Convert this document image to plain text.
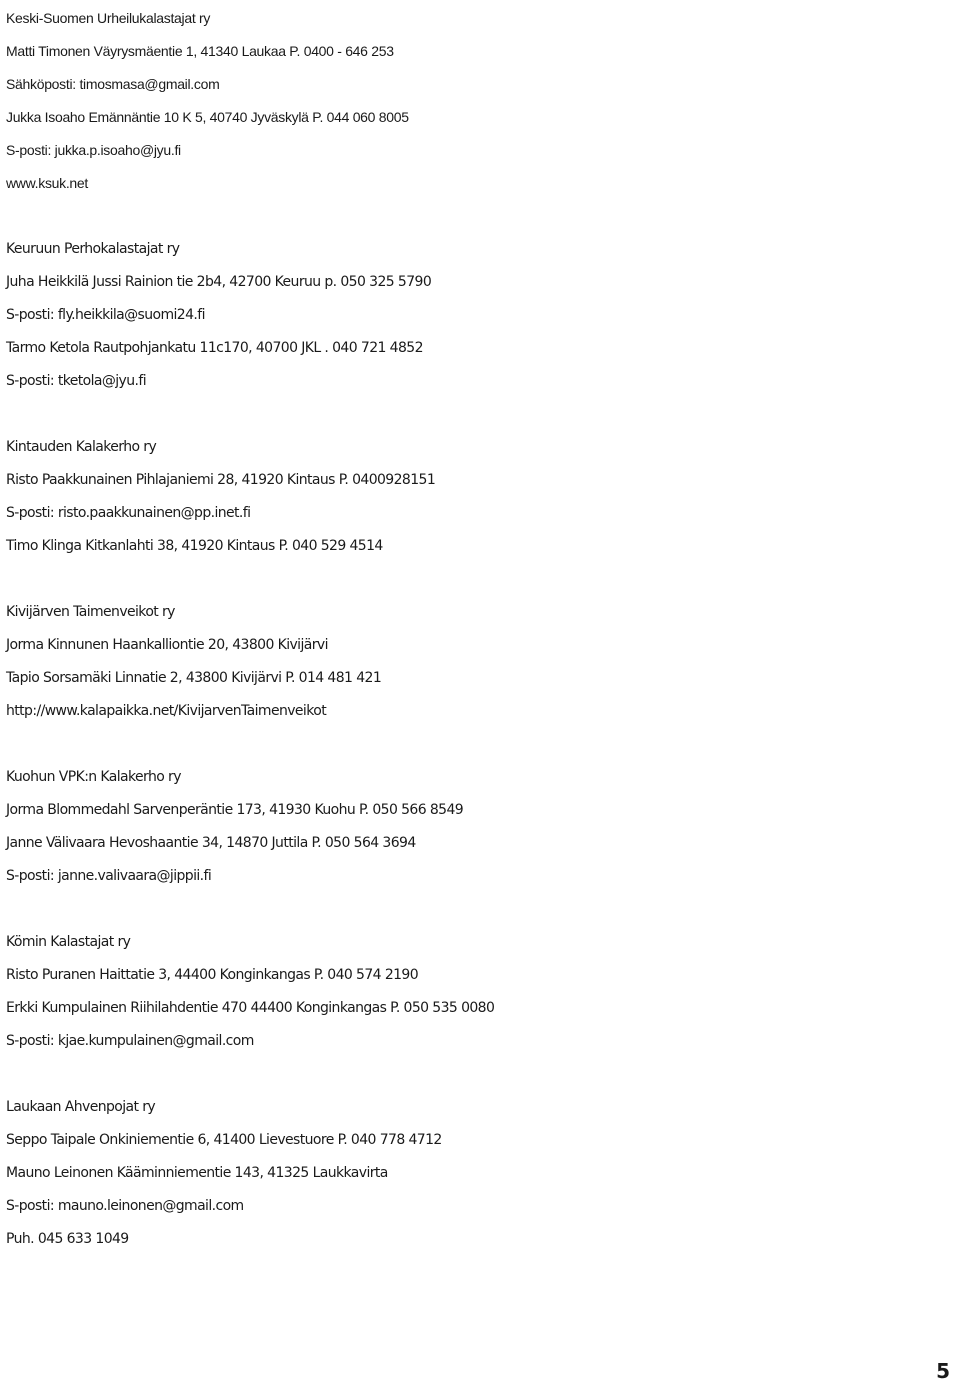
Keski-Suomen Urheilukalastajat ry
Matti Timonen Väyrysmäentie 1, 41340 Laukaa P. 0400 - 646 253
Sähköposti: timosmasa@gmail.com
Jukka Isoaho Emännäntie 10 K 5, 40740 Jyväskylä P. 044 060 8005
S-posti: jukka.p.isoaho@jyu.fi
www.ksuk.net
Keuruun Perhokalastajat ry
Juha Heikkilä Jussi Rainion tie 2b4, 42700 Keuruu p. 050 325 5790
S-posti: fly.heikkila@suomi24.fi
Tarmo Ketola Rautpohjankatu 11c170, 40700 JKL . 040 721 4852
S-posti: tketola@jyu.fi
Kintauden Kalakerho ry
Risto Paakkunainen Pihlajaniemi 28, 41920 Kintaus P. 0400928151
S-posti: risto.paakkunainen@pp.inet.fi
Timo Klinga Kitkanlahti 38, 41920 Kintaus P. 040 529 4514
Kivijärven Taimenveikot ry
Jorma Kinnunen Haankalliontie 20, 43800 Kivijärvi
Tapio Sorsamäki Linnatie 2, 43800 Kivijärvi P. 014 481 421
http://www.kalapaikka.net/KivijarvenTaimenveikot
Kuohun VPK:n Kalakerho ry
Jorma Blommedahl Sarvenperäntie 173, 41930 Kuohu P. 050 566 8549
Janne Välivaara Hevoshaantie 34, 14870 Juttila P. 050 564 3694
S-posti: janne.valivaara@jippii.fi
Kömin Kalastajat ry
Risto Puranen Haittatie 3, 44400 Konginkangas P. 040 574 2190
Erkki Kumpulainen Riihilahdentie 470 44400 Konginkangas P. 050 535 0080
S-posti: kjae.kumpulainen@gmail.com
Laukaan Ahvenpojat ry
Seppo Taipale Onkiniementie 6, 41400 Lievestuore P. 040 778 4712
Mauno Leinonen Kääminniementie 143, 41325 Laukkavirta
S-posti: mauno.leinonen@gmail.com
Puh. 045 633 1049
5
